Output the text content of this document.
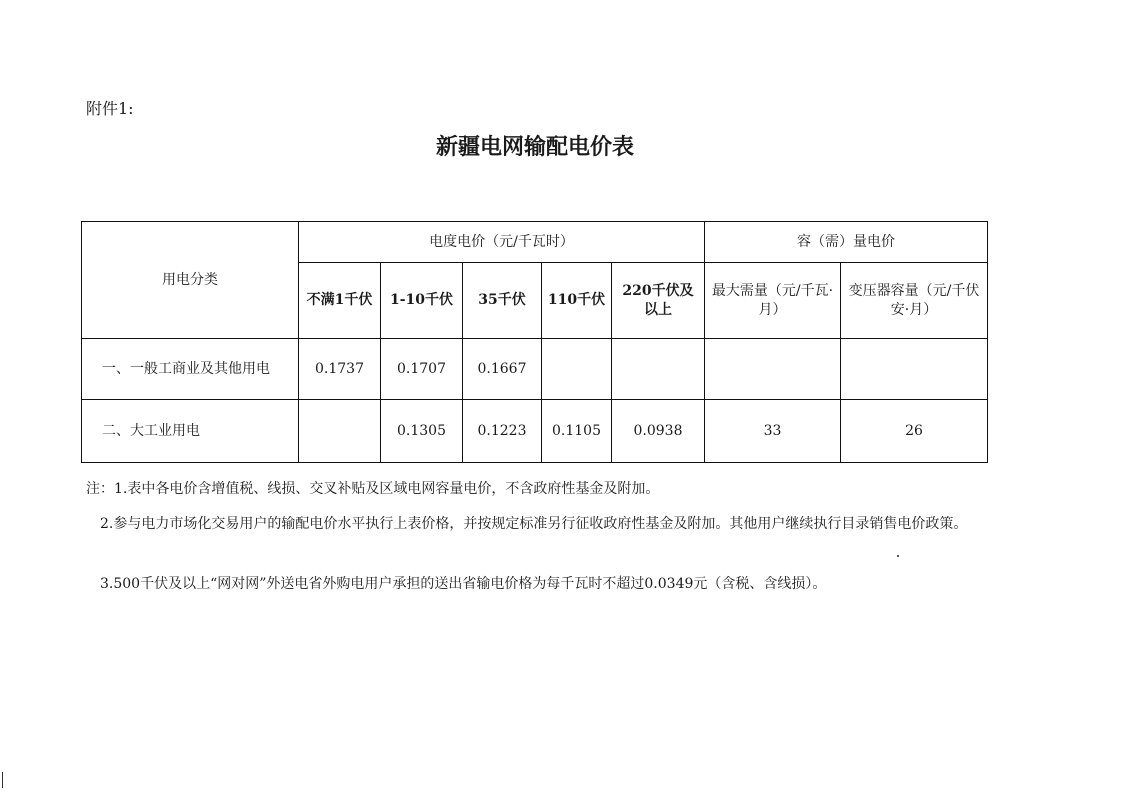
附件1:
新疆电网输配电价表
用电分类	电度电价（元/千瓦时）					容（需）量电价	
	不满1千伏	1-10千伏	35千伏	110千伏	220千伏及以上	最大需量（元/千瓦·月）	变压器容量（元/千伏安·月）
一、一般工商业及其他用电	0.1737	0.1707	0.1667				
二、大工业用电		0.1305	0.1223	0.1105	0.0938	33	26
注：1.表中各电价含增值税、线损、交叉补贴及区域电网容量电价，不含政府性基金及附加。
2.参与电力市场化交易用户的输配电价水平执行上表价格，并按规定标准另行征收政府性基金及附加。其他用户继续执行目录销售电价政策。
3.500千伏及以上“网对网”外送电省外购电用户承担的送出省输电价格为每千瓦时不超过0.0349元（含税、含线损）。
